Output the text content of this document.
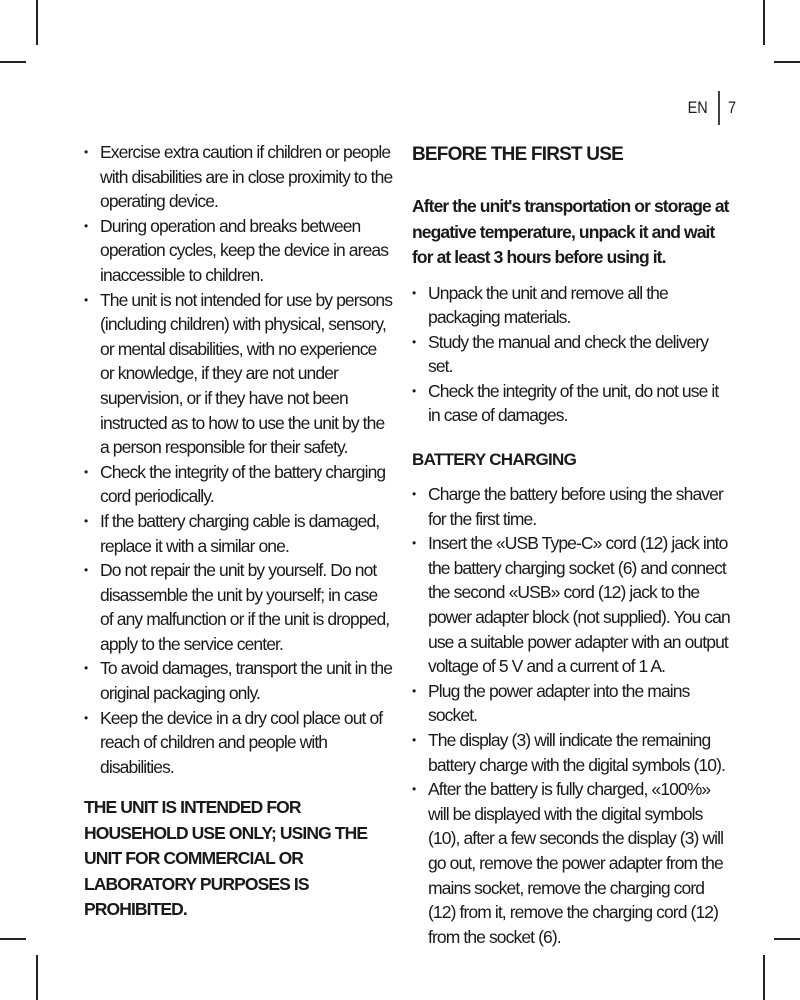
EN	7
• Exercise extra caution if children or people with disabilities are in close proximity to the operating device.
• During operation and breaks between operation cycles, keep the device in areas inaccessible to children.
• The unit is not intended for use by persons (including children) with physical, sensory, or mental disabilities, with no experience or knowledge, if they are not under supervision, or if they have not been instructed as to how to use the unit by the a person responsible for their safety.
• Check the integrity of the battery charging cord periodically.
• If the battery charging cable is damaged, replace it with a similar one.
• Do not repair the unit by yourself. Do not disassemble the unit by yourself; in case of any malfunction or if the unit is dropped, apply to the service center.
• To avoid damages, transport the unit in the original packaging only.
• Keep the device in a dry cool place out of reach of children and people with disabilities.
THE UNIT IS INTENDED FOR HOUSEHOLD USE ONLY; USING THE UNIT FOR COMMERCIAL OR LABORATORY PURPOSES IS PROHIBITED.
BEFORE THE FIRST USE
After the unit's transportation or storage at negative temperature, unpack it and wait for at least 3 hours before using it.
• Unpack the unit and remove all the packaging materials.
• Study the manual and check the delivery set.
• Check the integrity of the unit, do not use it in case of damages.
BATTERY CHARGING
• Charge the battery before using the shaver for the first time.
• Insert the «USB Type-C» cord (12) jack into the battery charging socket (6) and connect the second «USB» cord (12) jack to the power adapter block (not supplied). You can use a suitable power adapter with an output voltage of 5 V and a current of 1 A.
• Plug the power adapter into the mains socket.
• The display (3) will indicate the remaining battery charge with the digital symbols (10).
• After the battery is fully charged, «100%» will be displayed with the digital symbols (10), after a few seconds the display (3) will go out, remove the power adapter from the mains socket, remove the charging cord (12) from it, remove the charging cord (12) from the socket (6).
